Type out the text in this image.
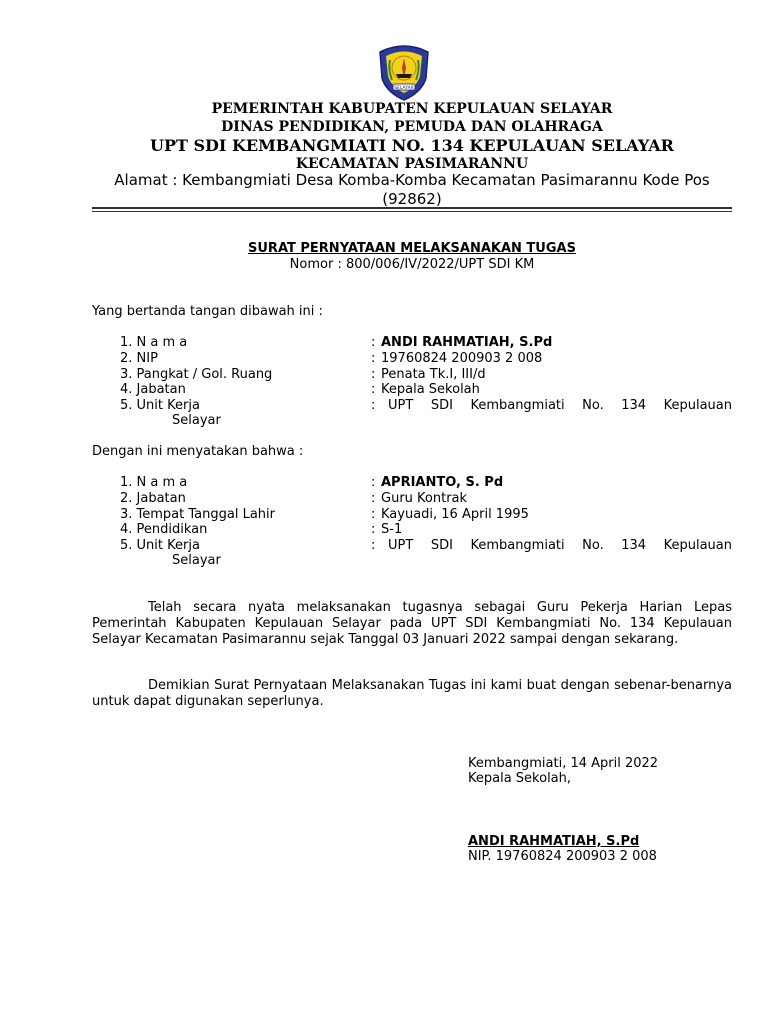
SELAYAR
PEMERINTAH KABUPATEN KEPULAUAN SELAYAR
DINAS PENDIDIKAN, PEMUDA DAN OLAHRAGA
UPT SDI KEMBANGMIATI NO. 134 KEPULAUAN SELAYAR
KECAMATAN PASIMARANNU
Alamat : Kembangmiati Desa Komba-Komba Kecamatan Pasimarannu Kode Pos (92862)
SURAT PERNYATAAN MELAKSANAKAN TUGAS
Nomor : 800/006/IV/2022/UPT SDI KM
Yang bertanda tangan dibawah ini :
1. N a m a	: ANDI RAHMATIAH, S.Pd
2. NIP	: 19760824 200903 2 008
3. Pangkat / Gol. Ruang	: Penata Tk.I, III/d
4. Jabatan	: Kepala Sekolah
5. Unit Kerja	: UPT SDI Kembangmiati No. 134 Kepulauan
Selayar
Dengan ini menyatakan bahwa :
1. N a m a	: APRIANTO, S. Pd
2. Jabatan	: Guru Kontrak
3. Tempat Tanggal Lahir	: Kayuadi, 16 April 1995
4. Pendidikan	: S-1
5. Unit Kerja	: UPT SDI Kembangmiati No. 134 Kepulauan
Selayar

Telah secara nyata melaksanakan tugasnya sebagai Guru Pekerja Harian Lepas Pemerintah Kabupaten Kepulauan Selayar pada UPT SDI Kembangmiati No. 134 Kepulauan Selayar Kecamatan Pasimarannu sejak Tanggal 03 Januari 2022 sampai dengan sekarang.

Demikian Surat Pernyataan Melaksanakan Tugas ini kami buat dengan sebenar-benarnya untuk dapat digunakan seperlunya.

Kembangmiati, 14 April 2022
Kepala Sekolah,
ANDI RAHMATIAH, S.Pd
NIP. 19760824 200903 2 008
